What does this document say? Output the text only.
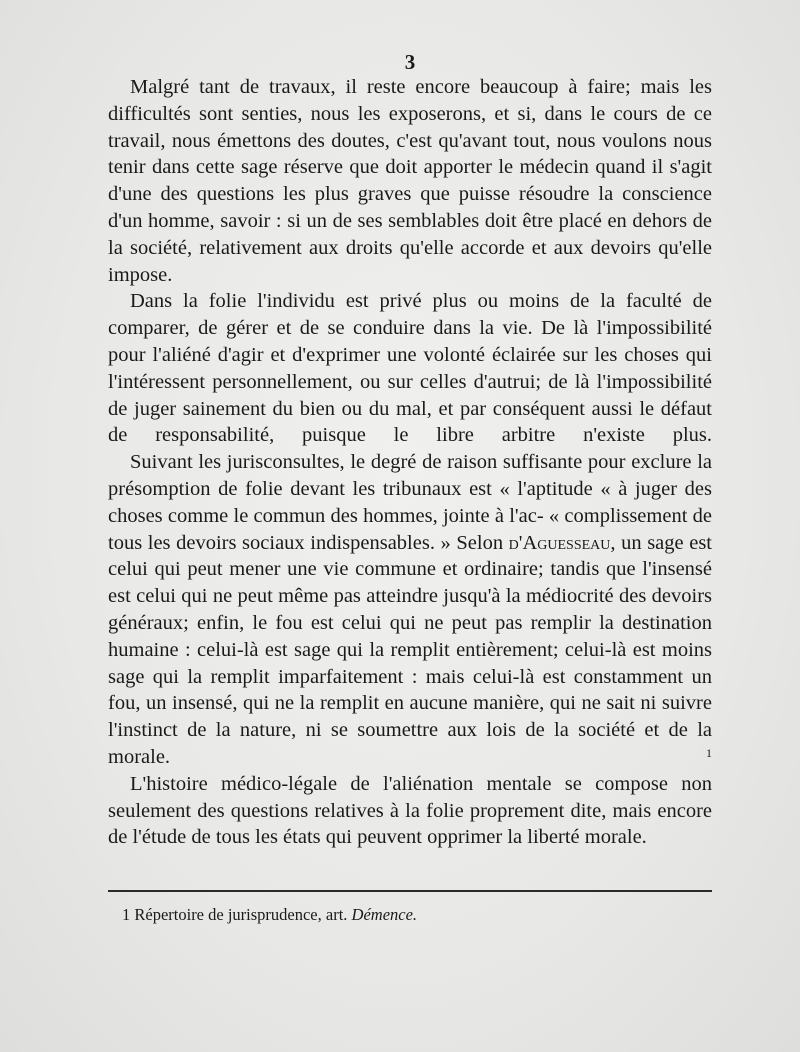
3

Malgré tant de travaux, il reste encore beaucoup à faire; mais les difficultés sont senties, nous les exposerons, et si, dans le cours de ce travail, nous émettons des doutes, c'est qu'avant tout, nous voulons nous tenir dans cette sage réserve que doit apporter le médecin quand il s'agit d'une des questions les plus graves que puisse résoudre la conscience d'un homme, savoir : si un de ses semblables doit être placé en dehors de la société, relativement aux droits qu'elle accorde et aux devoirs qu'elle impose.

Dans la folie l'individu est privé plus ou moins de la faculté de comparer, de gérer et de se conduire dans la vie. De là l'impossibilité pour l'aliéné d'agir et d'exprimer une volonté éclairée sur les choses qui l'intéressent personnellement, ou sur celles d'autrui; de là l'impossibilité de juger sainement du bien ou du mal, et par conséquent aussi le défaut de responsabilité, puisque le libre arbitre n'existe plus.

Suivant les jurisconsultes, le degré de raison suffisante pour exclure la présomption de folie devant les tribunaux est « l'aptitude « à juger des choses comme le commun des hommes, jointe à l'ac- « complissement de tous les devoirs sociaux indispensables. » Selon d'Aguesseau, un sage est celui qui peut mener une vie commune et ordinaire; tandis que l'insensé est celui qui ne peut même pas atteindre jusqu'à la médiocrité des devoirs généraux; enfin, le fou est celui qui ne peut pas remplir la destination humaine : celui-là est sage qui la remplit entièrement; celui-là est moins sage qui la remplit imparfaitement : mais celui-là est constamment un fou, un insensé, qui ne la remplit en aucune manière, qui ne sait ni suivre l'instinct de la nature, ni se soumettre aux lois de la société et de la morale.	$^1$

L'histoire médico-légale de l'aliénation mentale se compose non seulement des questions relatives à la folie proprement dite, mais encore de l'étude de tous les états qui peuvent opprimer la liberté morale.

1 Répertoire de jurisprudence, art. Démence.
